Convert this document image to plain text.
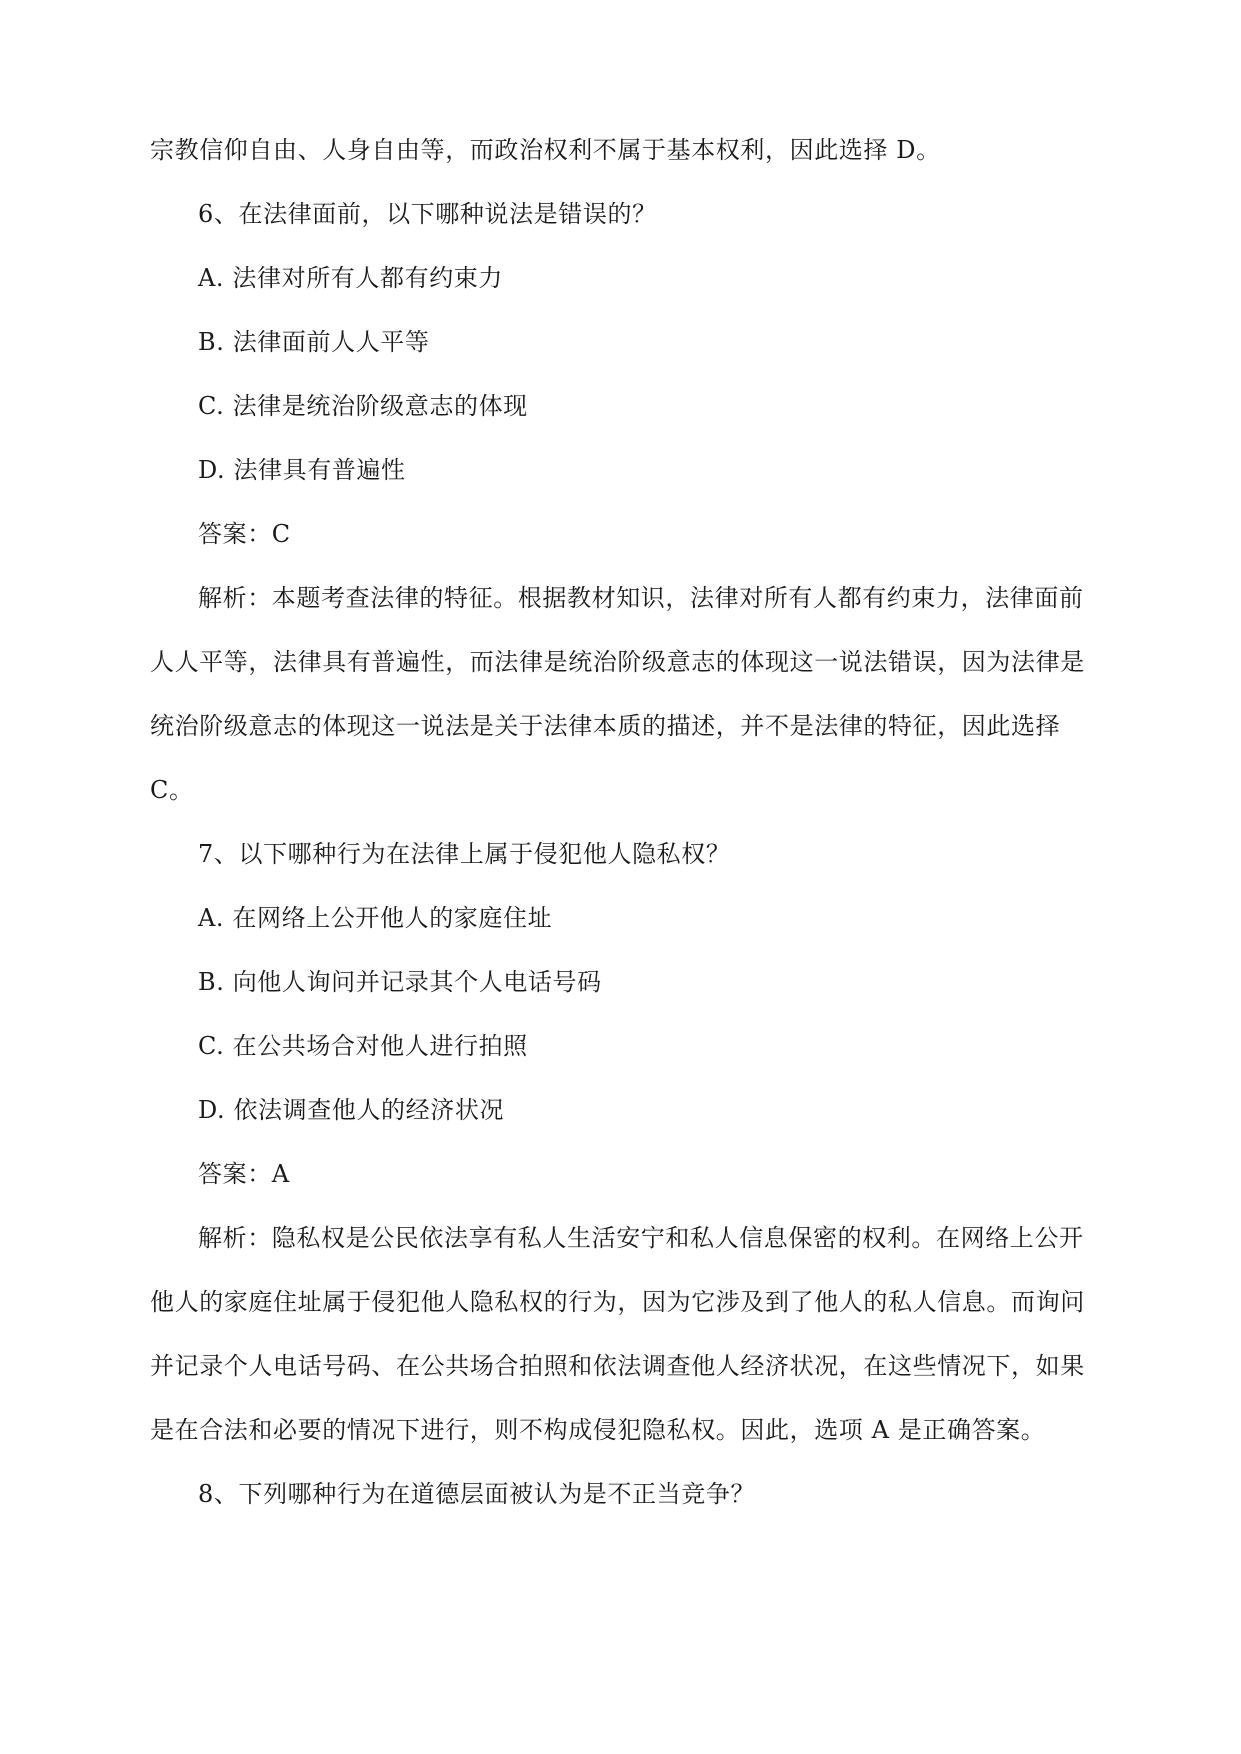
宗教信仰自由、人身自由等，而政治权利不属于基本权利，因此选择 D。
6、在法律面前，以下哪种说法是错误的？
A. 法律对所有人都有约束力
B. 法律面前人人平等
C. 法律是统治阶级意志的体现
D. 法律具有普遍性
答案：C
解析：本题考查法律的特征。根据教材知识，法律对所有人都有约束力，法律面前
人人平等，法律具有普遍性，而法律是统治阶级意志的体现这一说法错误，因为法律是
统治阶级意志的体现这一说法是关于法律本质的描述，并不是法律的特征，因此选择
C。
7、以下哪种行为在法律上属于侵犯他人隐私权？
A. 在网络上公开他人的家庭住址
B. 向他人询问并记录其个人电话号码
C. 在公共场合对他人进行拍照
D. 依法调查他人的经济状况
答案：A
解析：隐私权是公民依法享有私人生活安宁和私人信息保密的权利。在网络上公开
他人的家庭住址属于侵犯他人隐私权的行为，因为它涉及到了他人的私人信息。而询问
并记录个人电话号码、在公共场合拍照和依法调查他人经济状况，在这些情况下，如果
是在合法和必要的情况下进行，则不构成侵犯隐私权。因此，选项 A 是正确答案。
8、下列哪种行为在道德层面被认为是不正当竞争？
